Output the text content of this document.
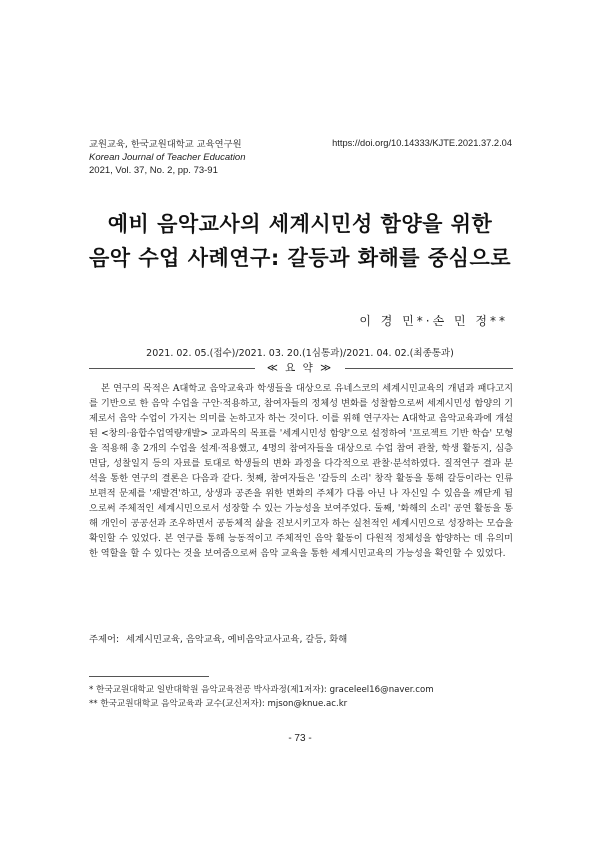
교원교육, 한국교원대학교 교육연구원
Korean Journal of Teacher Education
2021, Vol. 37, No. 2, pp. 73-91
https://doi.org/10.14333/KJTE.2021.37.2.04
예비 음악교사의 세계시민성 함양을 위한
음악 수업 사례연구: 갈등과 화해를 중심으로
이 경 민*·손 민 정**
2021. 02. 05.(접수)/2021. 03. 20.(1심통과)/2021. 04. 02.(최종통과)
≪ 요 약 ≫

본 연구의 목적은 A대학교 음악교육과 학생들을 대상으로 유네스코의 세계시민교육의 개념과 패다고지를 기반으로 한 음악 수업을 구안·적용하고, 참여자들의 정체성 변화를 성찰함으로써 세계시민성 함양의 기제로서 음악 수업이 가지는 의미를 논하고자 하는 것이다. 이를 위해 연구자는 A대학교 음악교육과에 개설된 <창의·융합수업역량개발> 교과목의 목표를 '세계시민성 함양'으로 설정하여 '프로젝트 기반 학습' 모형을 적용해 총 2개의 수업을 설계·적용했고, 4명의 참여자들을 대상으로 수업 참여 관찰, 학생 활동지, 심층 면담, 성찰일지 등의 자료를 토대로 학생들의 변화 과정을 다각적으로 관찰·분석하였다. 질적연구 결과 분석을 통한 연구의 결론은 다음과 같다. 첫째, 참여자들은 '갈등의 소리' 창작 활동을 통해 갈등이라는 인류 보편적 문제를 '재발견'하고, 상생과 공존을 위한 변화의 주체가 다름 아닌 나 자신일 수 있음을 깨닫게 됨으로써 주체적인 세계시민으로서 성장할 수 있는 가능성을 보여주었다. 둘째, '화해의 소리' 공연 활동을 통해 개인이 공공선과 조우하면서 공동체적 삶을 진보시키고자 하는 실천적인 세계시민으로 성장하는 모습을 확인할 수 있었다. 본 연구를 통해 능동적이고 주체적인 음악 활동이 다원적 정체성을 함양하는 데 유의미한 역할을 할 수 있다는 것을 보여줌으로써 음악 교육을 통한 세계시민교육의 가능성을 확인할 수 있었다.

주제어: 세계시민교육, 음악교육, 예비음악교사교육, 갈등, 화해
* 한국교원대학교 일반대학원 음악교육전공 박사과정(제1저자): graceleel16@naver.com
** 한국교원대학교 음악교육과 교수(교신저자): mjson@knue.ac.kr
- 73 -
